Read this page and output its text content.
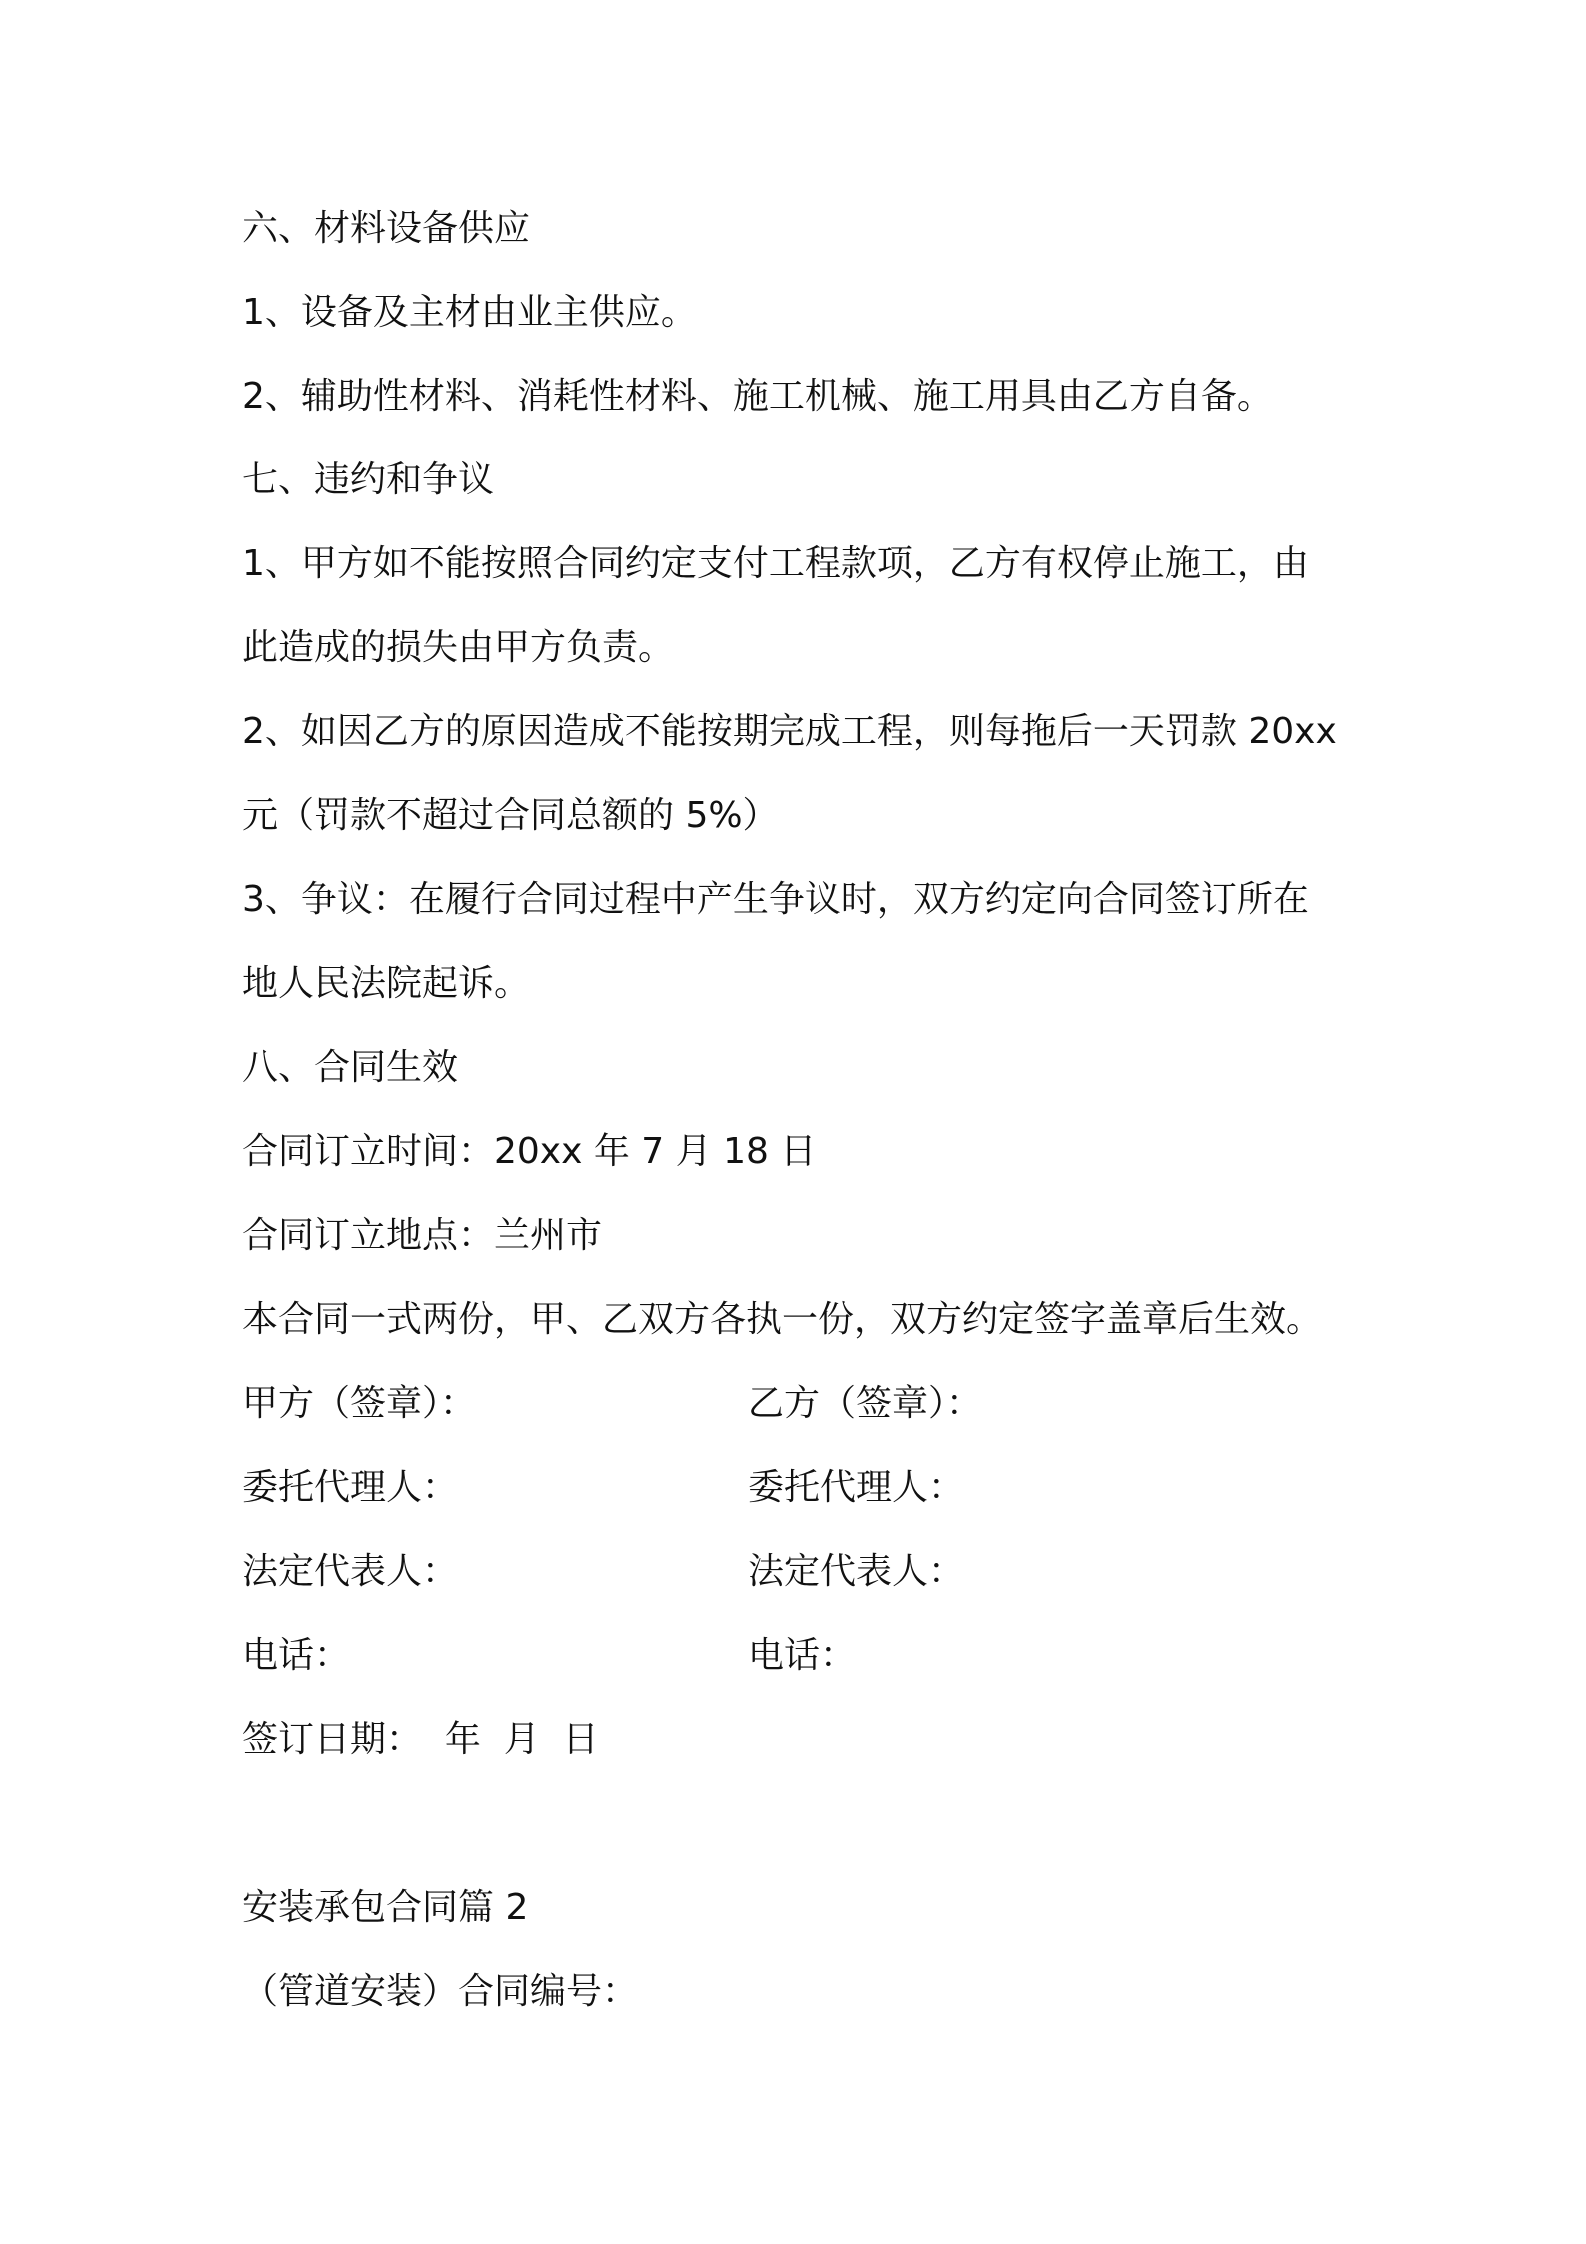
六、材料设备供应
1、设备及主材由业主供应。
2、辅助性材料、消耗性材料、施工机械、施工用具由乙方自备。
七、违约和争议
1、甲方如不能按照合同约定支付工程款项，乙方有权停止施工，由
此造成的损失由甲方负责。
2、如因乙方的原因造成不能按期完成工程，则每拖后一天罚款 20xx
元（罚款不超过合同总额的 5%）
3、争议：在履行合同过程中产生争议时，双方约定向合同签订所在
地人民法院起诉。
八、合同生效
合同订立时间：20xx 年 7 月 18 日
合同订立地点：兰州市
本合同一式两份，甲、乙双方各执一份，双方约定签字盖章后生效。
甲方（签章）：	乙方（签章）：
委托代理人：	委托代理人：
法定代表人：	法定代表人：
电话：	电话：
签订日期：  年  月  日
安装承包合同篇 2
（管道安装）合同编号：
